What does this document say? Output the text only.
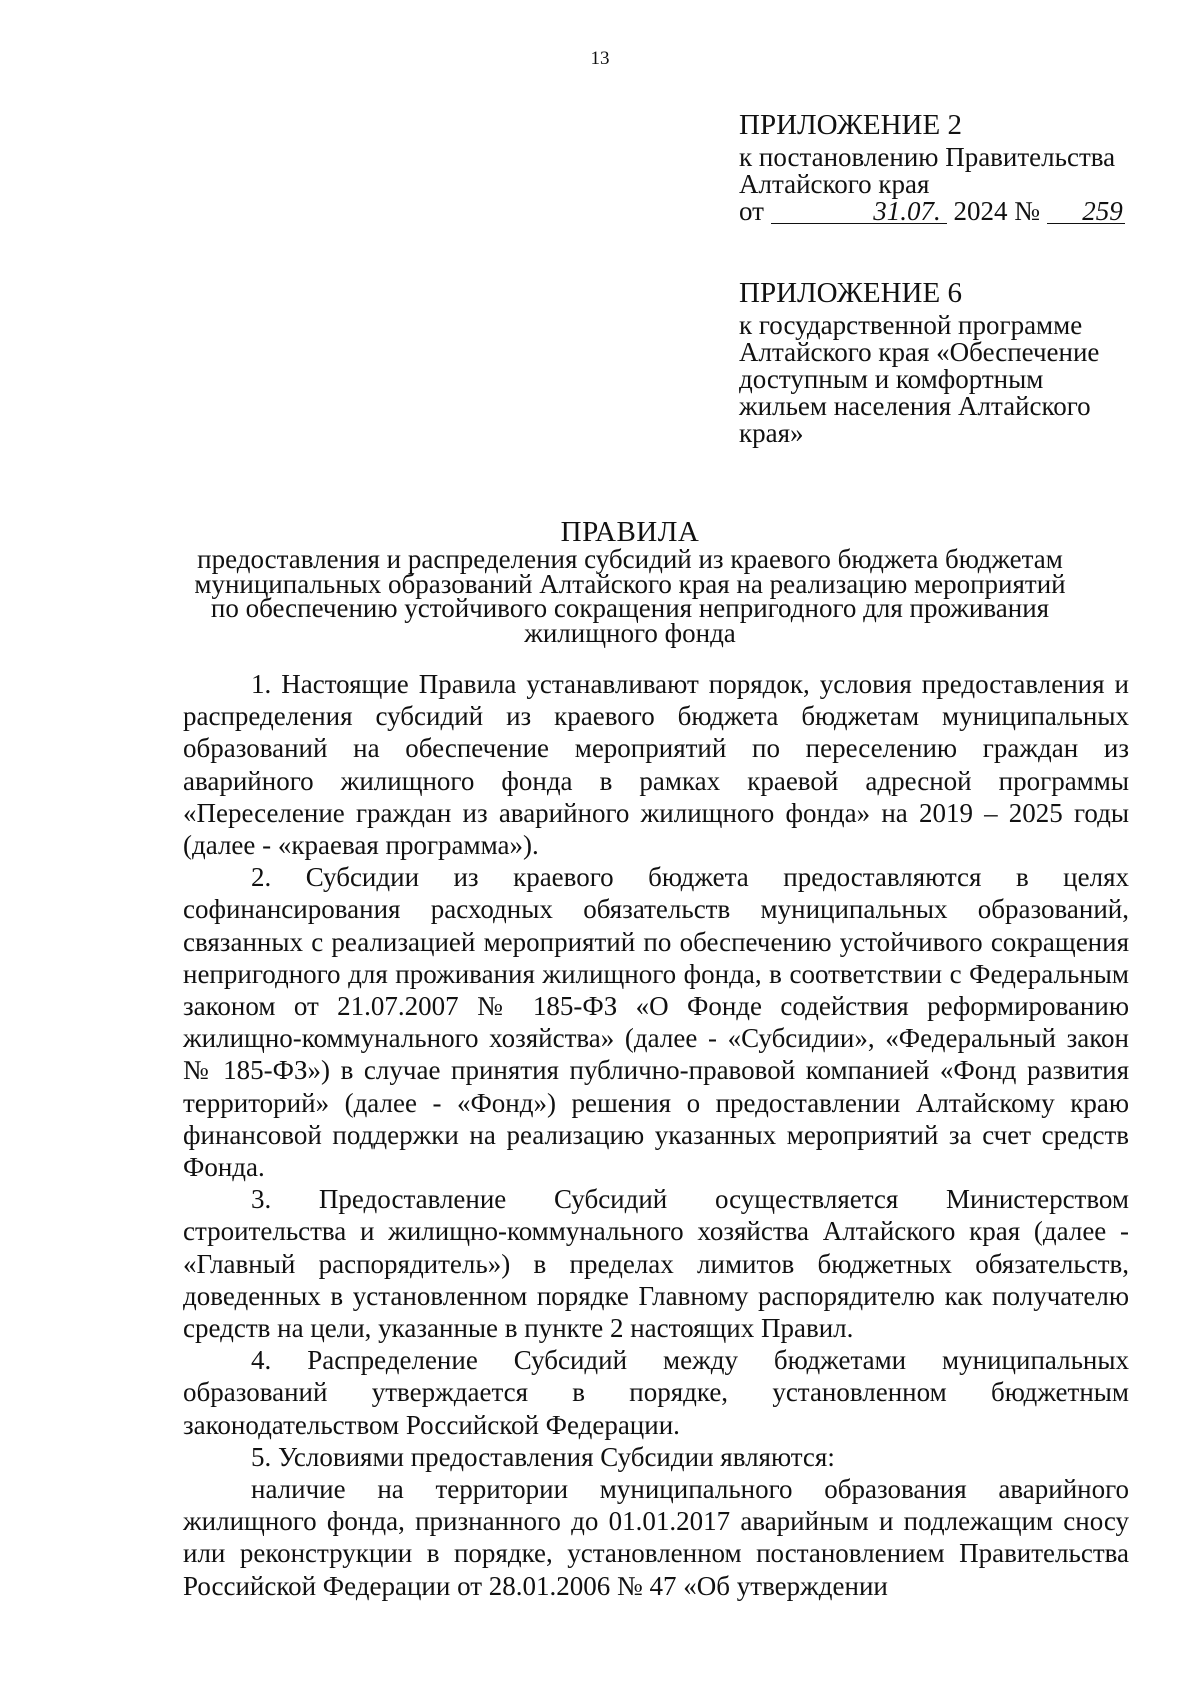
13
ПРИЛОЖЕНИЕ 2
к постановлению Правительства
Алтайского края
от	31.07. 2024 № 259
ПРИЛОЖЕНИЕ 6
к государственной программе
Алтайского края «Обеспечение
доступным и комфортным
жильем населения Алтайского
края»
ПРАВИЛА
предоставления и распределения субсидий из краевого бюджета бюджетам
муниципальных образований Алтайского края на реализацию мероприятий
по обеспечению устойчивого сокращения непригодного для проживания
жилищного фонда

1. Настоящие Правила устанавливают порядок, условия предоставления и распределения субсидий из краевого бюджета бюджетам муниципальных образований на обеспечение мероприятий по переселению граждан из аварийного жилищного фонда в рамках краевой адресной программы «Переселение граждан из аварийного жилищного фонда» на 2019 – 2025 годы (далее - «краевая программа»).

2. Субсидии из краевого бюджета предоставляются в целях софинансирования расходных обязательств муниципальных образований, связанных с реализацией мероприятий по обеспечению устойчивого сокращения непригодного для проживания жилищного фонда, в соответствии с Федеральным законом от 21.07.2007 № 185-ФЗ «О Фонде содействия реформированию жилищно-коммунального хозяйства» (далее - «Субсидии», «Федеральный закон № 185-ФЗ») в случае принятия публично-правовой компанией «Фонд развития территорий» (далее - «Фонд») решения о предоставлении Алтайскому краю финансовой поддержки на реализацию указанных мероприятий за счет средств Фонда.

3. Предоставление Субсидий осуществляется Министерством строительства и жилищно-коммунального хозяйства Алтайского края (далее - «Главный распорядитель») в пределах лимитов бюджетных обязательств, доведенных в установленном порядке Главному распорядителю как получателю средств на цели, указанные в пункте 2 настоящих Правил.

4. Распределение Субсидий между бюджетами муниципальных образований утверждается в порядке, установленном бюджетным законодательством Российской Федерации.

5. Условиями предоставления Субсидии являются:

наличие на территории муниципального образования аварийного жилищного фонда, признанного до 01.01.2017 аварийным и подлежащим сносу или реконструкции в порядке, установленном постановлением Правительства Российской Федерации от 28.01.2006 № 47 «Об утверждении
